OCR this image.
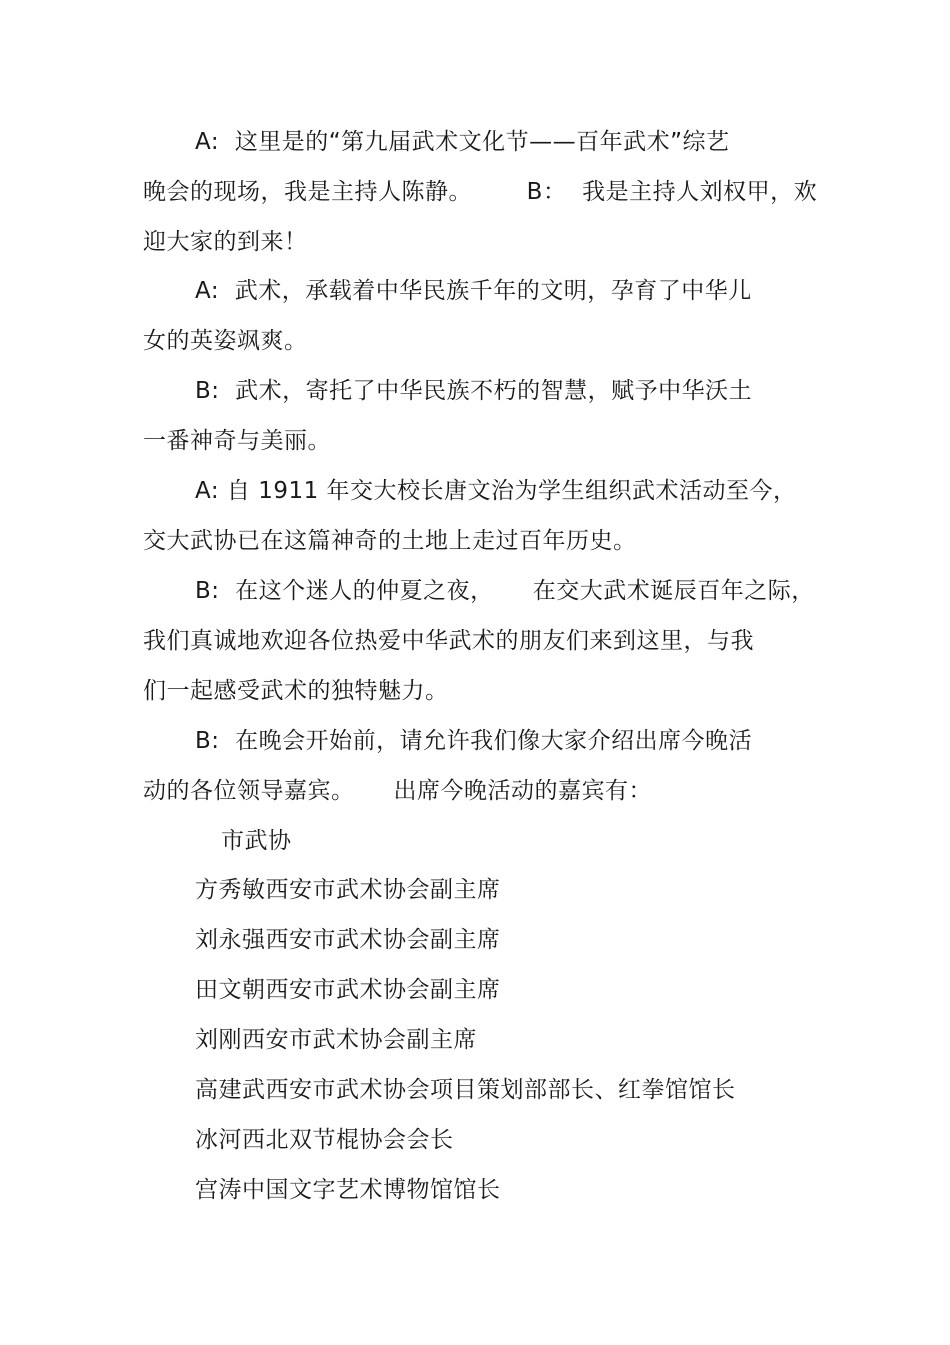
A:  这里是的“第九届武术文化节——百年武术”综艺
晚会的现场，我是主持人陈静。       B：  我是主持人刘权甲，欢
迎大家的到来！
A:  武术，承载着中华民族千年的文明，孕育了中华儿
女的英姿飒爽。
B:  武术，寄托了中华民族不朽的智慧，赋予中华沃土
一番神奇与美丽。
A: 自 1911 年交大校长唐文治为学生组织武术活动至今，
交大武协已在这篇神奇的土地上走过百年历史。
B:  在这个迷人的仲夏之夜，     在交大武术诞辰百年之际，
我们真诚地欢迎各位热爱中华武术的朋友们来到这里，与我
们一起感受武术的独特魅力。
B:  在晚会开始前，请允许我们像大家介绍出席今晚活
动的各位领导嘉宾。     出席今晚活动的嘉宾有：
市武协
方秀敏西安市武术协会副主席
刘永强西安市武术协会副主席
田文朝西安市武术协会副主席
刘刚西安市武术协会副主席
高建武西安市武术协会项目策划部部长、红拳馆馆长
冰河西北双节棍协会会长
宫涛中国文字艺术博物馆馆长
